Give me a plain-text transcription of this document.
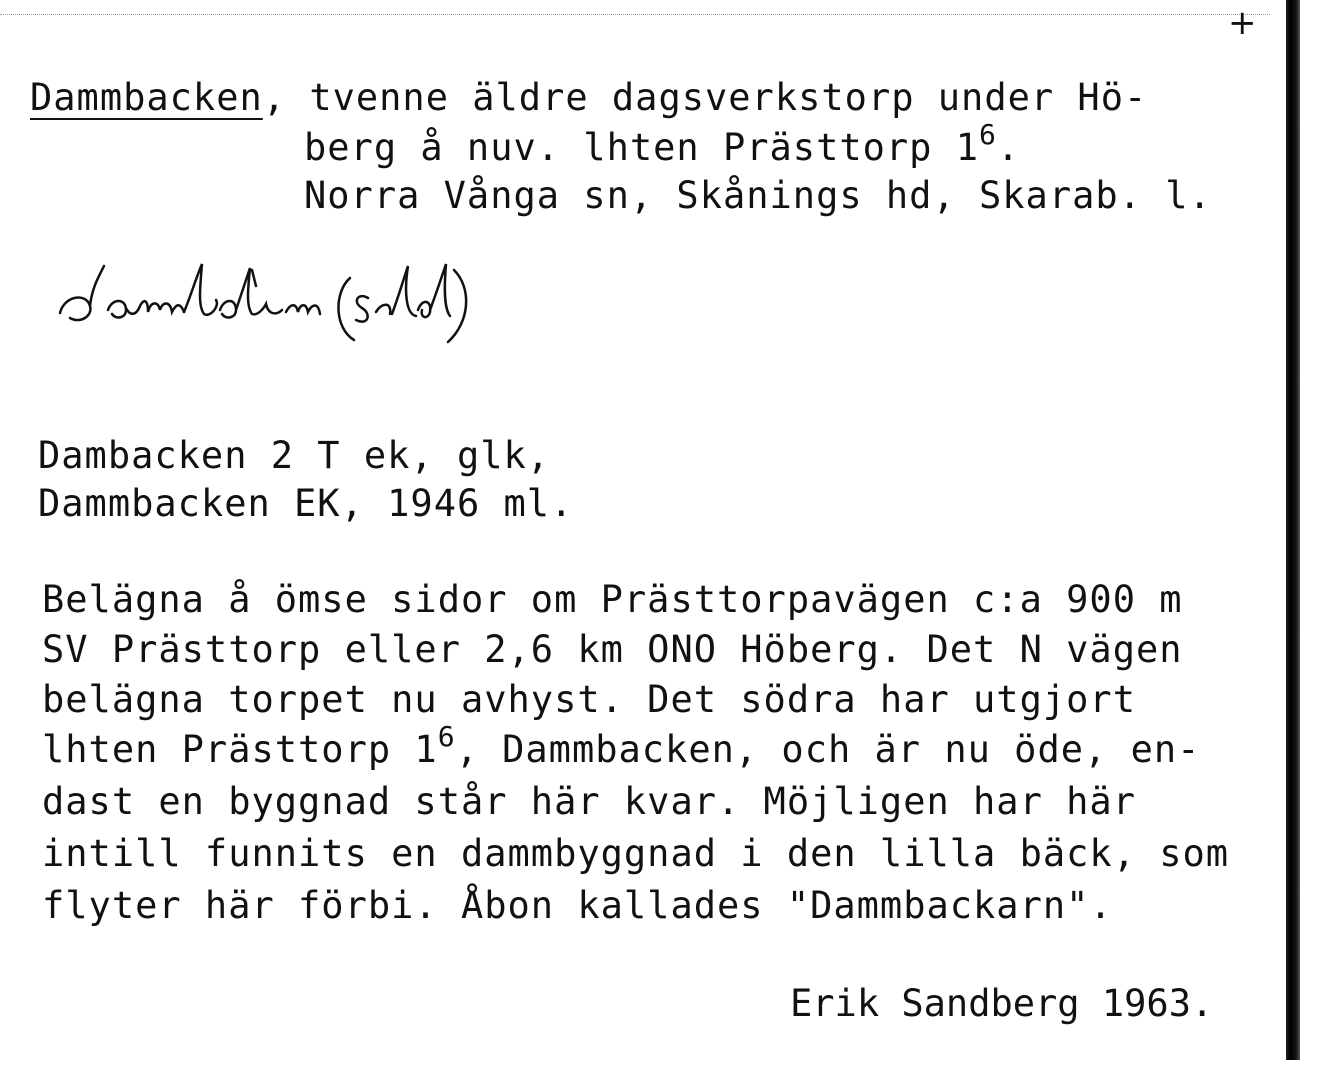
+
Dammbacken, tvenne äldre dagsverkstorp under Hö-
berg å nuv. lhten Prästtorp $1^6$.
Norra Vånga sn, Skånings hd, Skarab. l.
Dambacken 2 T ek, glk,
Dammbacken EK, 1946 ml.
Belägna å ömse sidor om Prästtorpavägen c:a 900 m
SV Prästtorp eller 2,6 km ONO Höberg. Det N vägen
belägna torpet nu avhyst. Det södra har utgjort
lhten Prästtorp $1^6$, Dammbacken, och är nu öde, en-
dast en byggnad står här kvar. Möjligen har här
intill funnits en dammbyggnad i den lilla bäck, som
flyter här förbi. Åbon kallades "Dammbackarn".
Erik Sandberg 1963.
